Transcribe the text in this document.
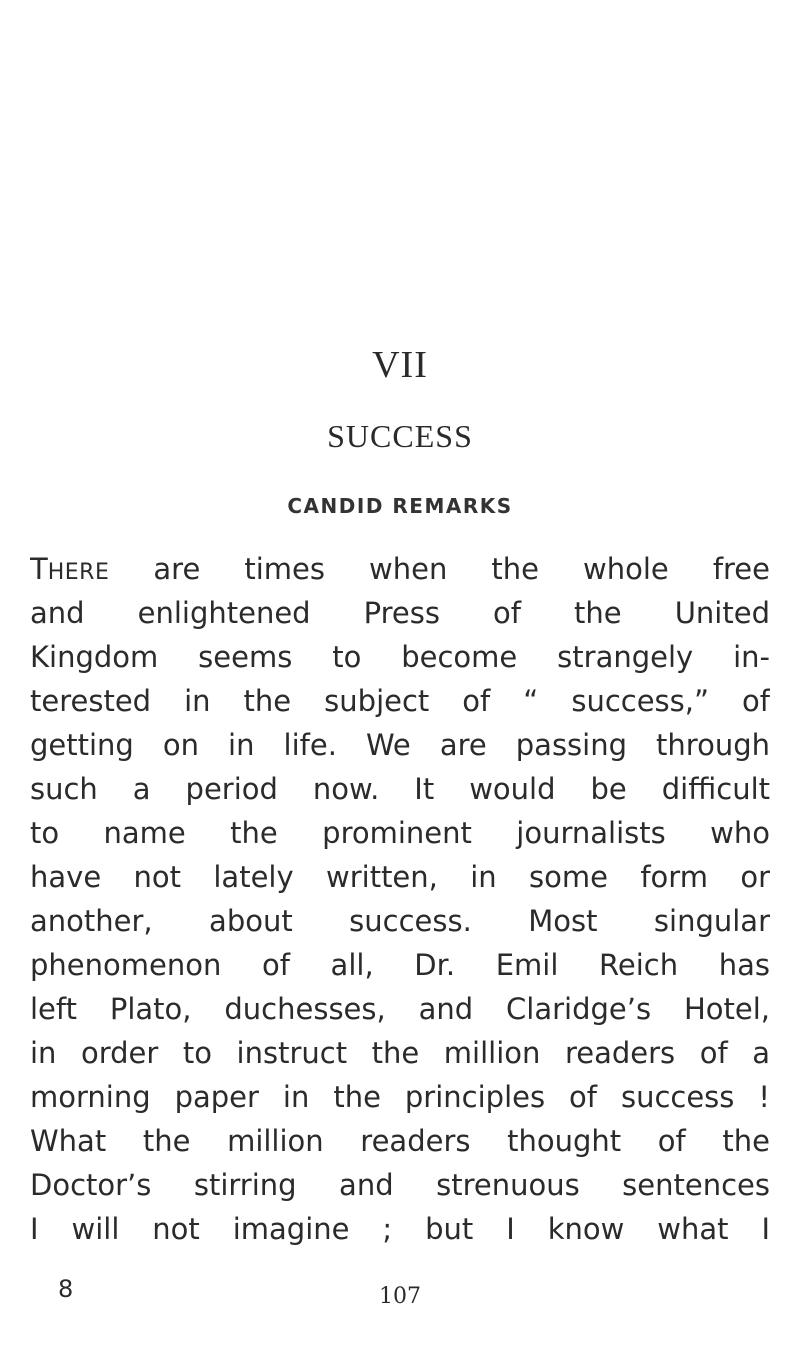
VII
SUCCESS
CANDID REMARKS
THERE are times when the whole free
and enlightened Press of the United
Kingdom seems to become strangely in-
terested in the subject of “ success,” of
getting on in life. We are passing through
such a period now. It would be difficult
to name the prominent journalists who
have not lately written, in some form or
another, about success. Most singular
phenomenon of all, Dr. Emil Reich has
left Plato, duchesses, and Claridge’s Hotel,
in order to instruct the million readers of a
morning paper in the principles of success !
What the million readers thought of the
Doctor’s stirring and strenuous sentences
I will not imagine ; but I know what I
8	107
